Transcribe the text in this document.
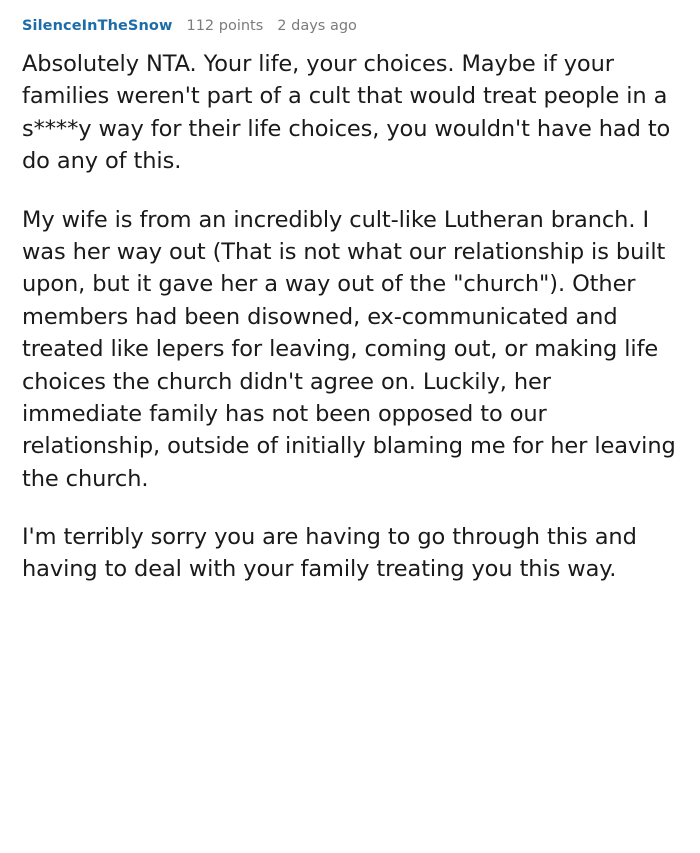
SilenceInTheSnow 112 points 2 days ago

Absolutely NTA. Your life, your choices. Maybe if your families weren't part of a cult that would treat people in a s****y way for their life choices, you wouldn't have had to do any of this.

My wife is from an incredibly cult-like Lutheran branch. I was her way out (That is not what our relationship is built upon, but it gave her a way out of the "church"). Other members had been disowned, ex-communicated and treated like lepers for leaving, coming out, or making life choices the church didn't agree on. Luckily, her immediate family has not been opposed to our relationship, outside of initially blaming me for her leaving the church.

I'm terribly sorry you are having to go through this and having to deal with your family treating you this way.
